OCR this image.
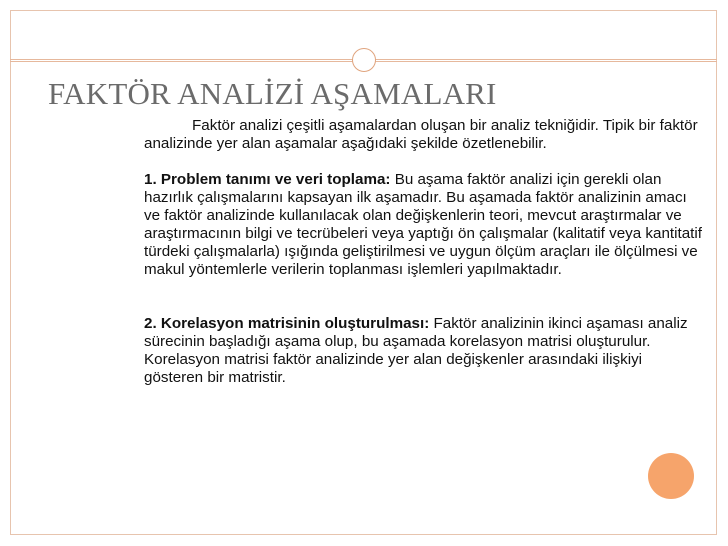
FAKTÖR ANALİZİ AŞAMALARI

Faktör analizi çeşitli aşamalardan oluşan bir analiz tekniğidir. Tipik bir faktör analizinde yer alan aşamalar aşağıdaki şekilde özetlenebilir.

1. Problem tanımı ve veri toplama: Bu aşama faktör analizi için gerekli olan hazırlık çalışmalarını kapsayan ilk aşamadır. Bu aşamada faktör analizinin amacı ve faktör analizinde kullanılacak olan değişkenlerin teori, mevcut araştırmalar ve araştırmacının bilgi ve tecrübeleri veya yaptığı ön çalışmalar (kalitatif veya kantitatif türdeki çalışmalarla) ışığında geliştirilmesi ve uygun ölçüm araçları ile ölçülmesi ve makul yöntemlerle verilerin toplanması işlemleri yapılmaktadır.

2. Korelasyon matrisinin oluşturulması: Faktör analizinin ikinci aşaması analiz sürecinin başladığı aşama olup, bu aşamada korelasyon matrisi oluşturulur. Korelasyon matrisi faktör analizinde yer alan değişkenler arasındaki ilişkiyi gösteren bir matristir.
